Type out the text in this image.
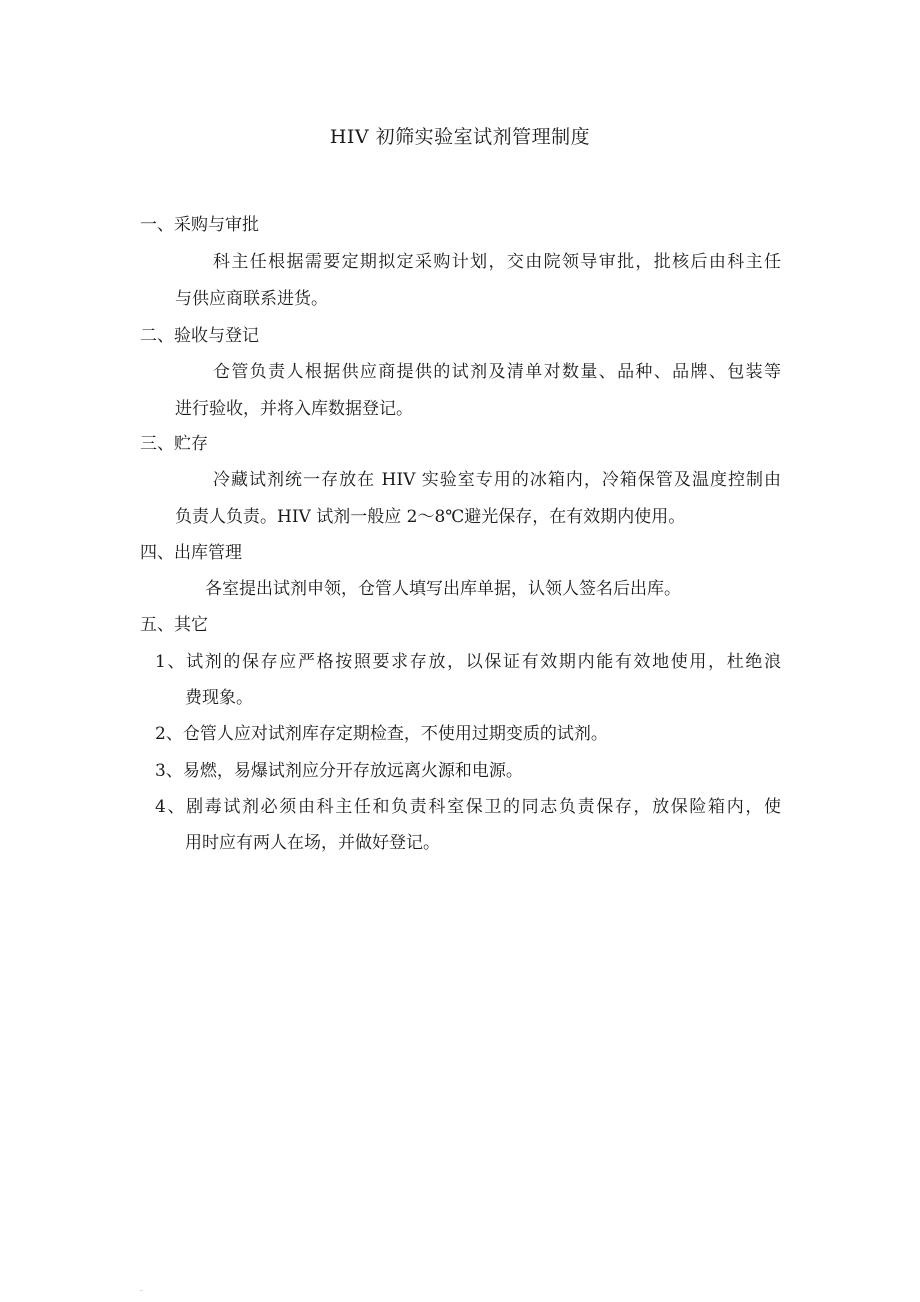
HIV 初筛实验室试剂管理制度
一、采购与审批
科主任根据需要定期拟定采购计划，交由院领导审批，批核后由科主任
与供应商联系进货。
二、验收与登记
仓管负责人根据供应商提供的试剂及清单对数量、品种、品牌、包装等
进行验收，并将入库数据登记。
三、贮存
冷藏试剂统一存放在 HIV 实验室专用的冰箱内，冷箱保管及温度控制由
负责人负责。HIV 试剂一般应 2～8℃避光保存，在有效期内使用。
四、出库管理
各室提出试剂申领，仓管人填写出库单据，认领人签名后出库。
五、其它
1、试剂的保存应严格按照要求存放，以保证有效期内能有效地使用，杜绝浪
费现象。
2、仓管人应对试剂库存定期检查，不使用过期变质的试剂。
3、易燃，易爆试剂应分开存放远离火源和电源。
4、剧毒试剂必须由科主任和负责科室保卫的同志负责保存，放保险箱内，使
用时应有两人在场，并做好登记。
